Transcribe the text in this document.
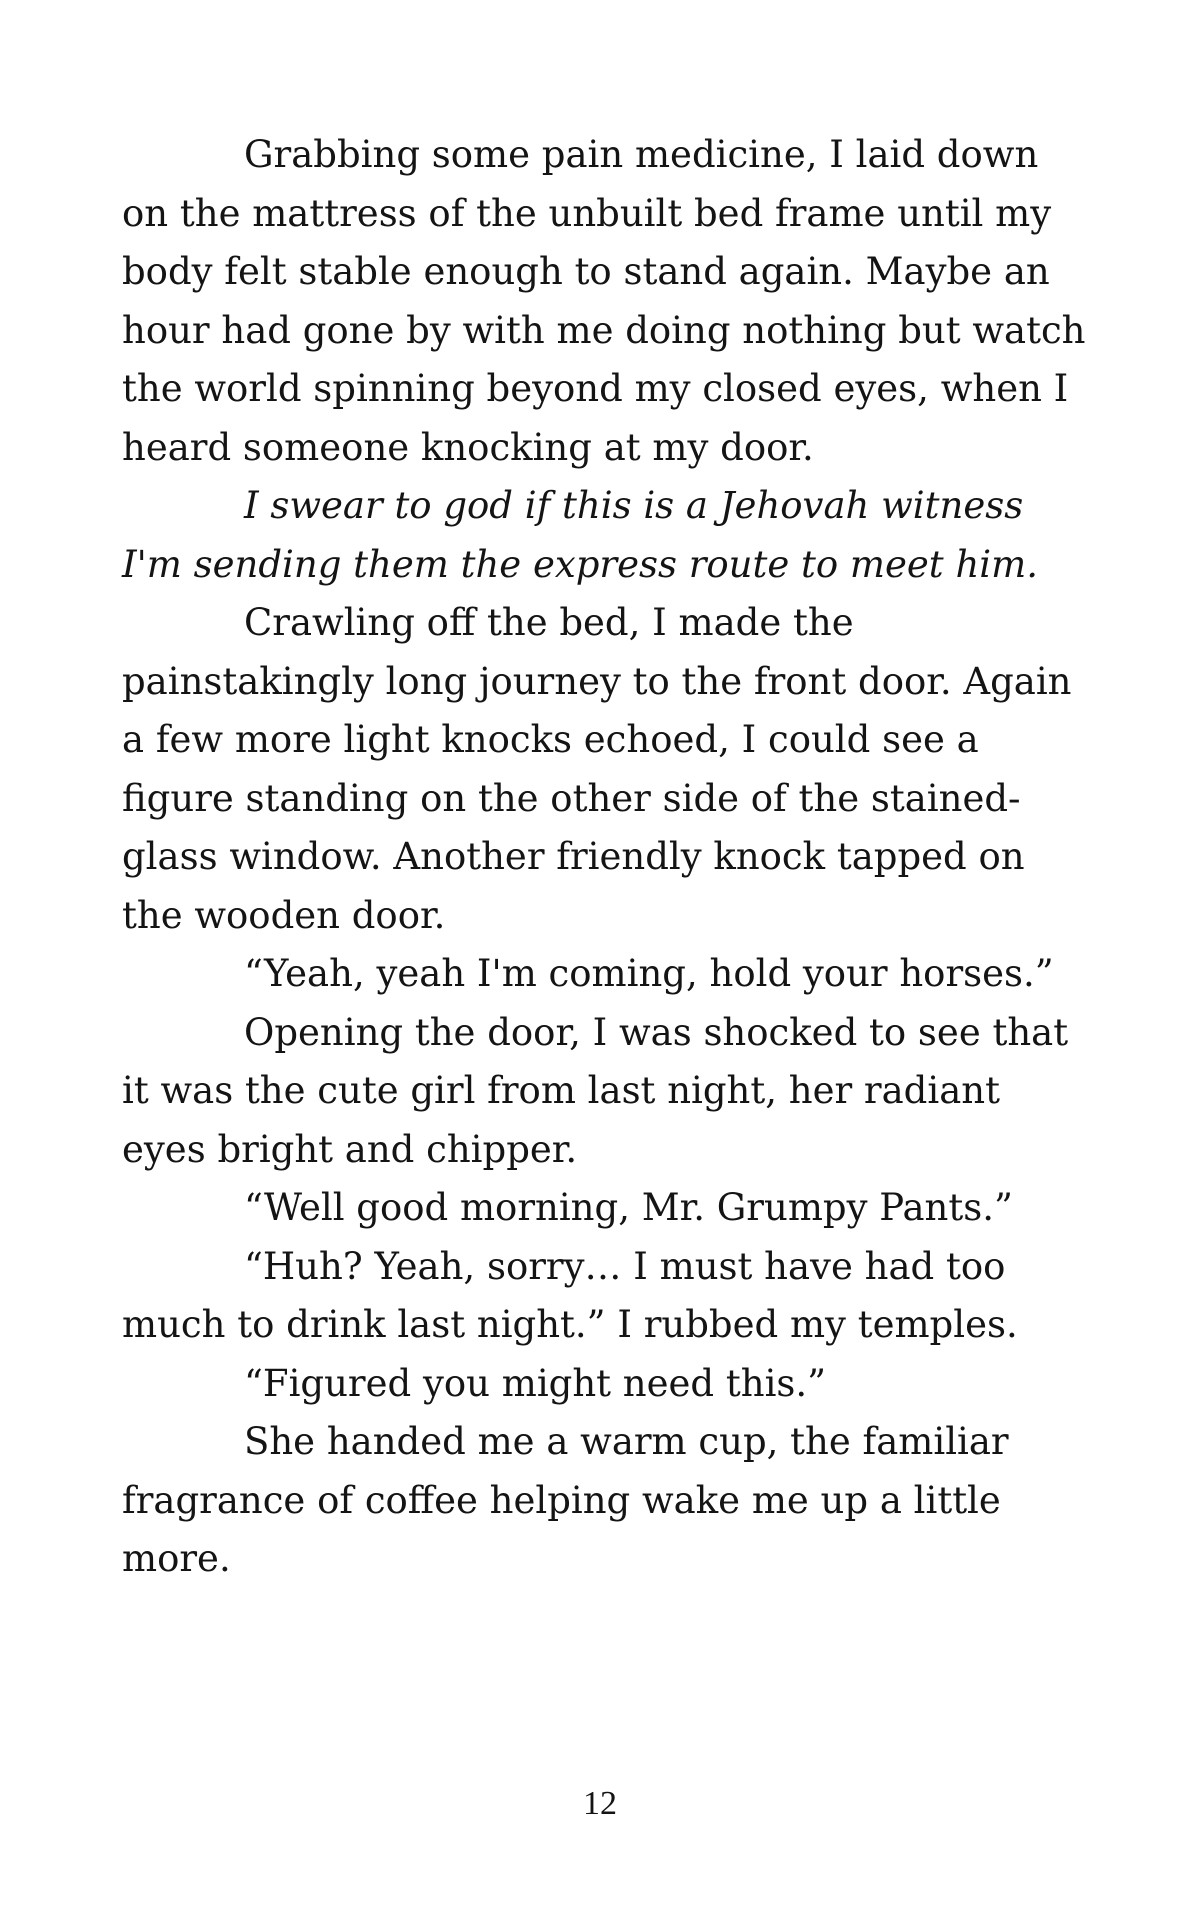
Grabbing some pain medicine, I laid down on the mattress of the unbuilt bed frame until my body felt stable enough to stand again. Maybe an hour had gone by with me doing nothing but watch the world spinning beyond my closed eyes, when I heard someone knocking at my door.

I swear to god if this is a Jehovah witness I'm sending them the express route to meet him.

Crawling off the bed, I made the painstakingly long journey to the front door. Again a few more light knocks echoed, I could see a figure standing on the other side of the stained-glass window. Another friendly knock tapped on the wooden door.

“Yeah, yeah I'm coming, hold your horses.”

Opening the door, I was shocked to see that it was the cute girl from last night, her radiant eyes bright and chipper.

“Well good morning, Mr. Grumpy Pants.”

“Huh? Yeah, sorry… I must have had too much to drink last night.” I rubbed my temples.

“Figured you might need this.”

She handed me a warm cup, the familiar fragrance of coffee helping wake me up a little more.

12
